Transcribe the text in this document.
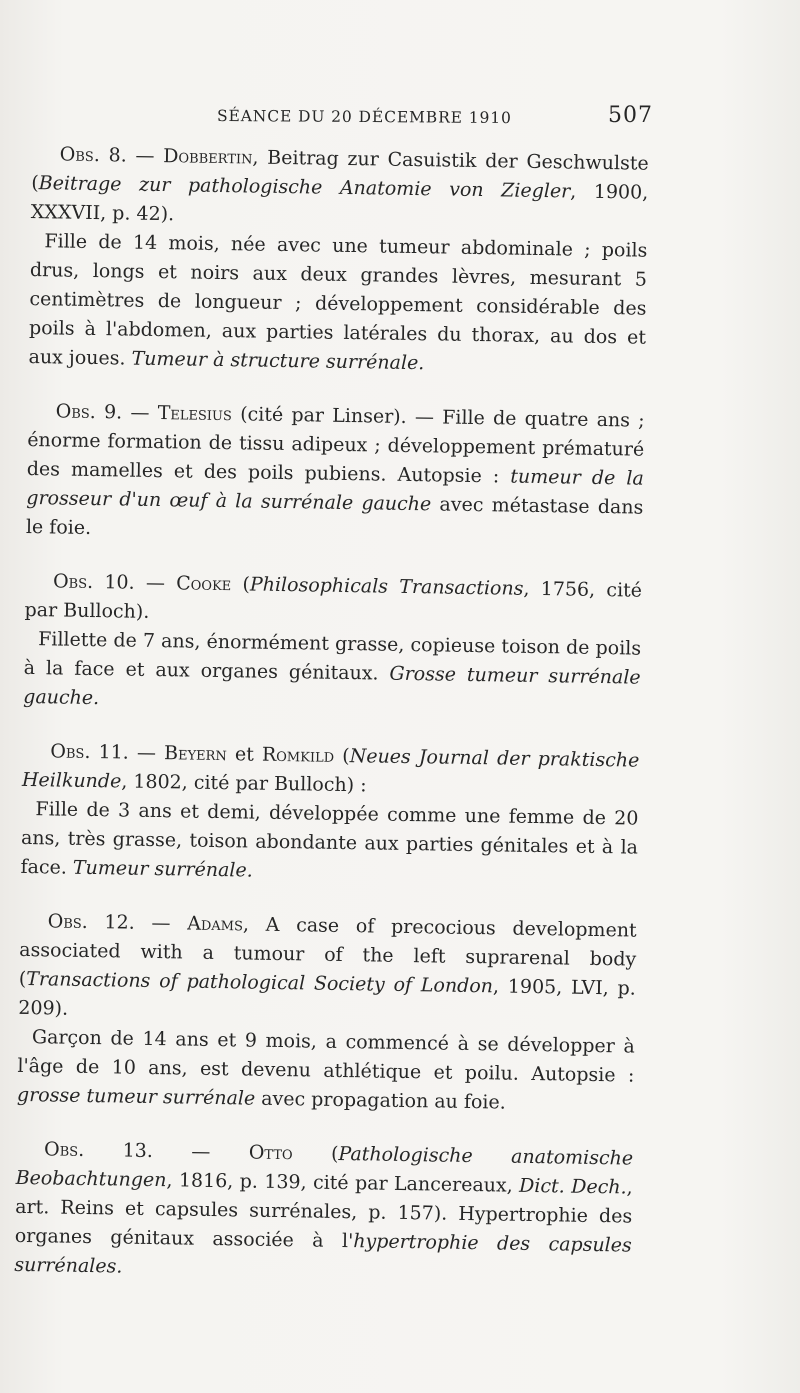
SÉANCE DU 20 DÉCEMBRE 1910	507

Obs. 8. — Dobbertin, Beitrag zur Casuistik der Geschwulste (Beitrage zur pathologische Anatomie von Ziegler, 1900, XXXVII, p. 42).

Fille de 14 mois, née avec une tumeur abdominale ; poils drus, longs et noirs aux deux grandes lèvres, mesurant 5 centimètres de longueur ; développement considérable des poils à l'abdomen, aux parties latérales du thorax, au dos et aux joues. Tumeur à structure surrénale.

Obs. 9. — Telesius (cité par Linser). — Fille de quatre ans ; énorme formation de tissu adipeux ; développement prématuré des mamelles et des poils pubiens. Autopsie : tumeur de la grosseur d'un œuf à la surrénale gauche avec métastase dans le foie.

Obs. 10. — Cooke (Philosophicals Transactions, 1756, cité par Bulloch).

Fillette de 7 ans, énormément grasse, copieuse toison de poils à la face et aux organes génitaux. Grosse tumeur surrénale gauche.

Obs. 11. — Beyern et Romkild (Neues Journal der praktische Heilkunde, 1802, cité par Bulloch) :

Fille de 3 ans et demi, développée comme une femme de 20 ans, très grasse, toison abondante aux parties génitales et à la face. Tumeur surrénale.

Obs. 12. — Adams, A case of precocious development associated with a tumour of the left suprarenal body (Transactions of pathological Society of London, 1905, LVI, p. 209).

Garçon de 14 ans et 9 mois, a commencé à se développer à l'âge de 10 ans, est devenu athlétique et poilu. Autopsie : grosse tumeur surrénale avec propagation au foie.

Obs. 13. — Otto (Pathologische anatomische Beobachtungen, 1816, p. 139, cité par Lancereaux, Dict. Dech., art. Reins et capsules surrénales, p. 157). Hypertrophie des organes génitaux associée à l'hypertrophie des capsules surrénales.
